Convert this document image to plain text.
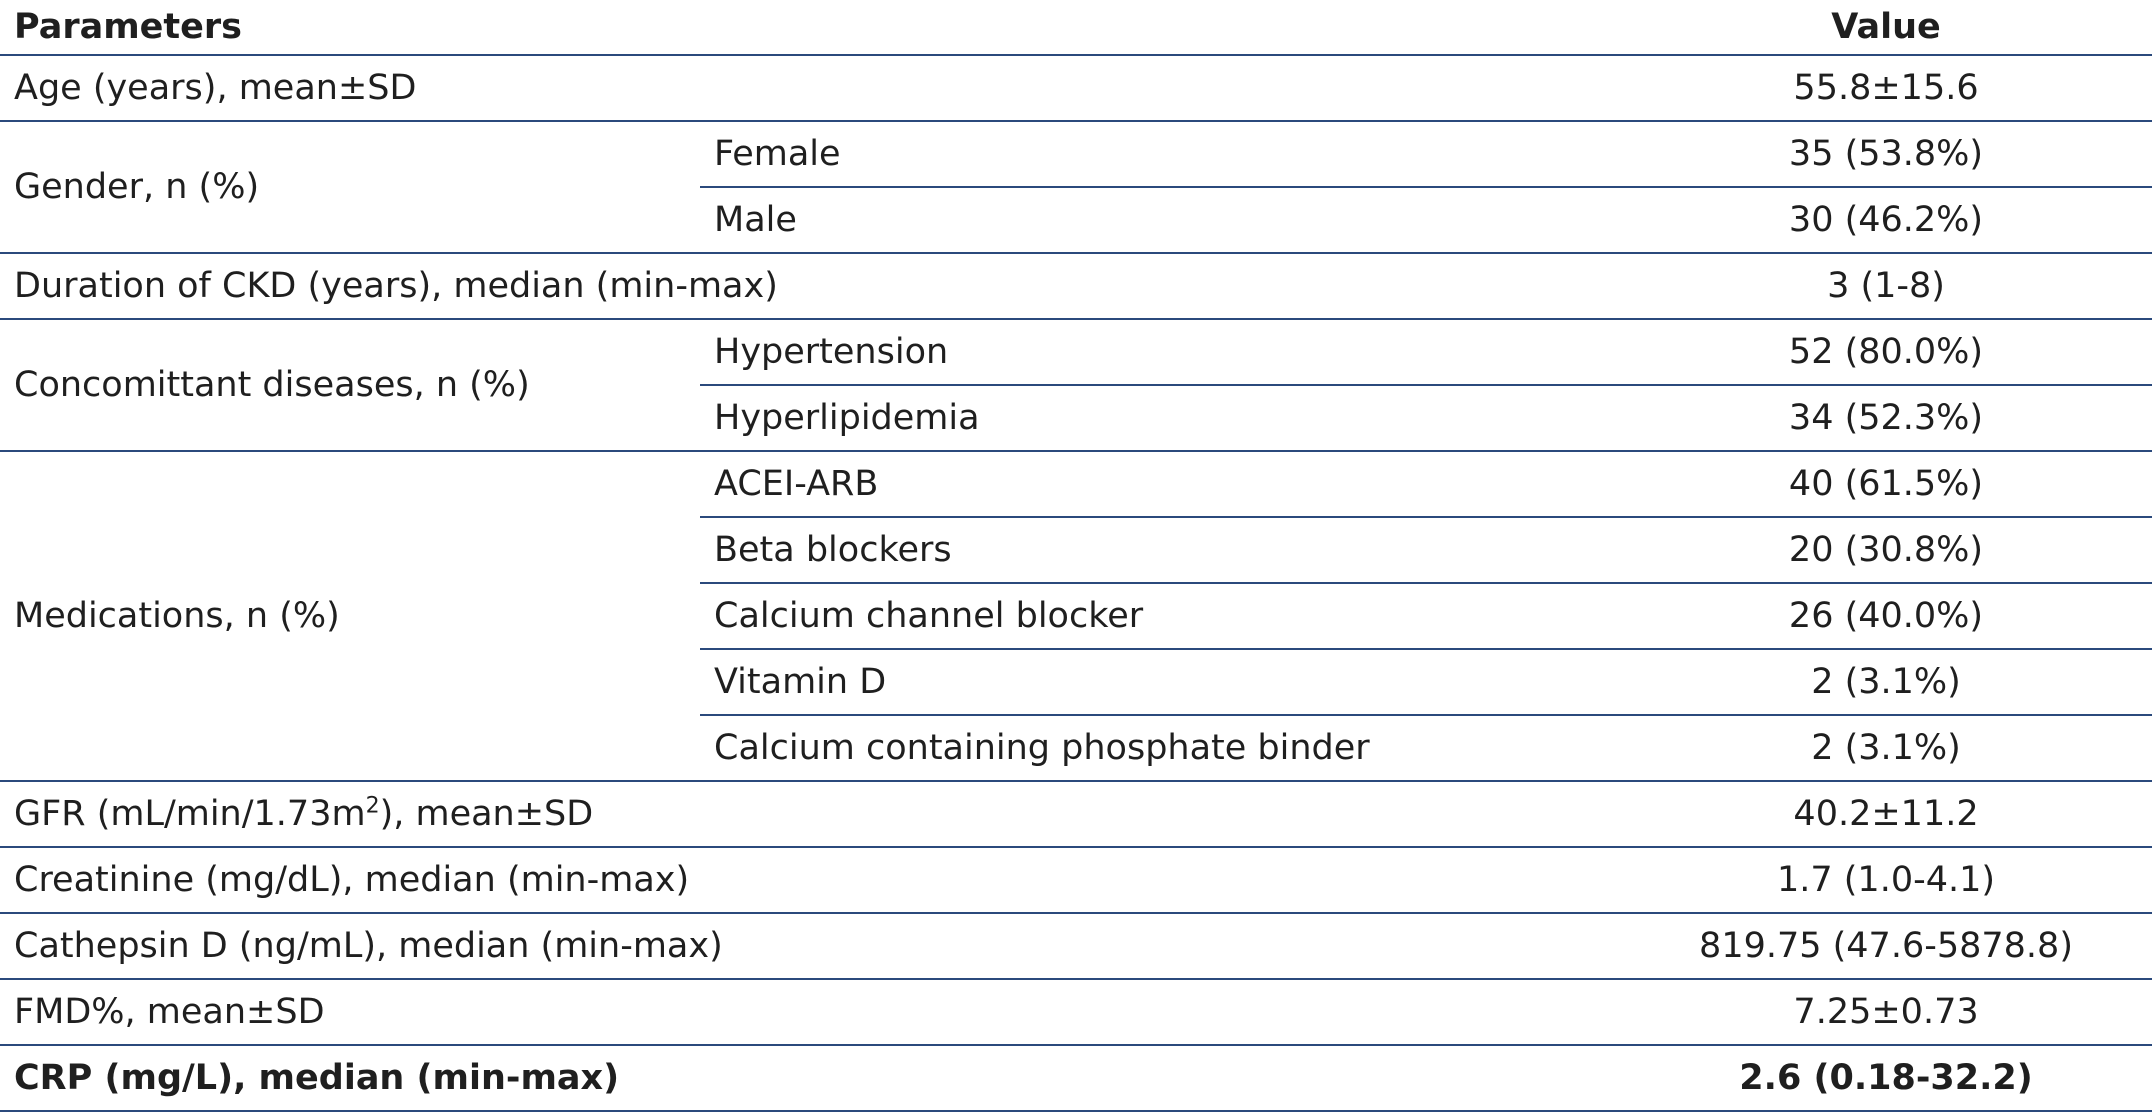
Parameters		Value
Age (years), mean±SD		55.8±15.6
Gender, n (%)	Female	35 (53.8%)
	Male	30 (46.2%)
Duration of CKD (years), median (min-max)		3 (1-8)
Concomittant diseases, n (%)	Hypertension	52 (80.0%)
	Hyperlipidemia	34 (52.3%)
Medications, n (%)	ACEI-ARB	40 (61.5%)
	Beta blockers	20 (30.8%)
	Calcium channel blocker	26 (40.0%)
	Vitamin D	2 (3.1%)
	Calcium containing phosphate binder	2 (3.1%)
GFR $(mL/\min/1.73m^2)$, mean±SD		40.2±11.2
Creatinine (mg/dL), median (min-max)		1.7 (1.0-4.1)
Cathepsin D (ng/mL), median (min-max)		819.75 (47.6-5878.8)
FMD%, mean±SD		7.25±0.73
CRP (mg/L), median (min-max)		2.6 (0.18-32.2)
